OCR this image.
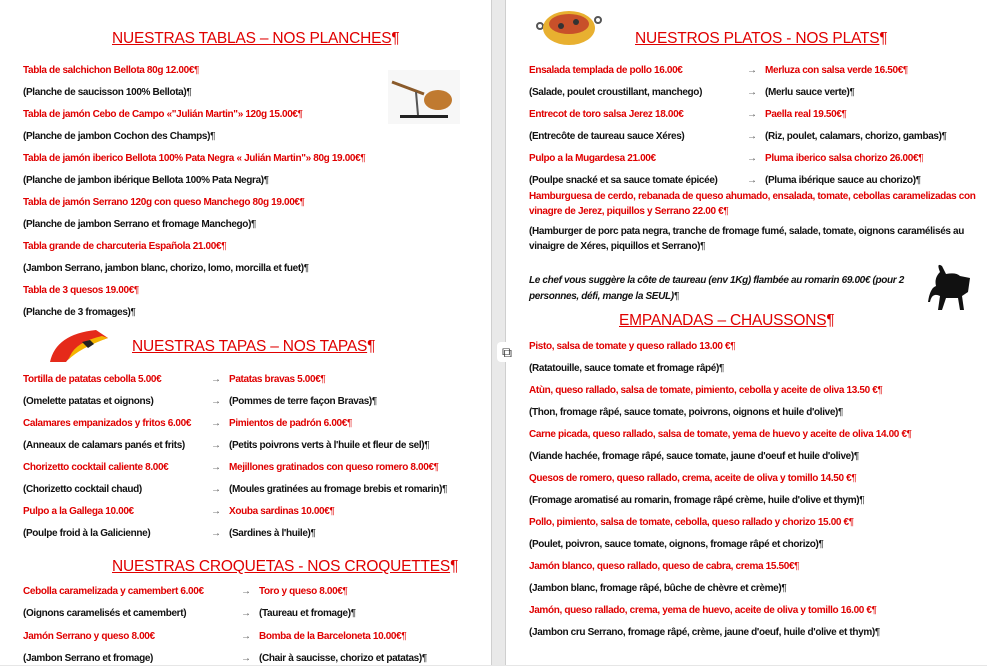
NUESTRAS TABLAS – NOS PLANCHES ¶
Tabla de salchichon Bellota 80g 12.00€ ¶
(Planche de saucisson 100% Bellota) ¶
Tabla de jamón Cebo de Campo «"Julián Martin"» 120g 15.00€ ¶
(Planche de jambon Cochon des Champs) ¶
Tabla de jamón iberico Bellota 100% Pata Negra « Julián Martin"» 80g 19.00€ ¶
(Planche de jambon ibérique Bellota 100% Pata Negra) ¶
Tabla de jamón Serrano 120g con queso Manchego 80g 19.00€ ¶
(Planche de jambon Serrano et fromage Manchego) ¶
Tabla grande de charcuteria Española 21.00€ ¶
(Jambon Serrano, jambon blanc, chorizo, lomo, morcilla et fuet) ¶
Tabla de 3 quesos 19.00€ ¶
(Planche de 3 fromages) ¶
NUESTRAS TAPAS – NOS TAPAS ¶
Tortilla de patatas cebolla 5.00€	→ Patatas bravas 5.00€ ¶
(Omelette patatas et oignons)	→ (Pommes de terre façon Bravas) ¶
Calamares empanizados y fritos 6.00€ → Pimientos de padrón 6.00€ ¶
(Anneaux de calamars panés et frits)	→ (Petits poivrons verts à l'huile et fleur de sel) ¶
Chorizetto cocktail caliente 8.00€	→ Mejillones gratinados con queso romero 8.00€ ¶
(Chorizetto cocktail chaud)	→ (Moules gratinées au fromage brebis et romarin) ¶
Pulpo a la Gallega 10.00€	→ Xouba sardinas 10.00€ ¶
(Poulpe froid à la Galicienne)	→ (Sardines à l'huile) ¶
NUESTRAS CROQUETAS - NOS CROQUETTES ¶
Cebolla caramelizada y camembert 6.00€	→ Toro y queso 8.00€ ¶
(Oignons caramelisés et camembert)	→ (Taureau et fromage) ¶
Jamón Serrano y queso 8.00€	→ Bomba de la Barceloneta 10.00€ ¶
(Jambon Serrano et fromage)	→ (Chair à saucisse, chorizo et patatas) ¶
NUESTROS PLATOS - NOS PLATS ¶
Ensalada templada de pollo 16.00€	→ Merluza con salsa verde 16.50€ ¶
(Salade, poulet croustillant, manchego)	→ (Merlu sauce verte) ¶
Entrecot de toro salsa Jerez 18.00€	→ Paella real 19.50€ ¶
(Entrecôte de taureau sauce Xéres)	→ (Riz, poulet, calamars, chorizo, gambas) ¶
Pulpo a la Mugardesa 21.00€	→ Pluma iberico salsa chorizo 26.00€ ¶
(Poulpe snacké et sa sauce tomate épicée)	→ (Pluma ibérique sauce au chorizo) ¶
Hamburguesa de cerdo, rebanada de queso ahumado, ensalada, tomate, cebollas caramelizadas con vinagre de Jerez, piquillos y Serrano 22.00 € ¶
(Hamburger de porc pata negra, tranche de fromage fumé, salade, tomate, oignons caramélisés au vinaigre de Xéres, piquillos et Serrano) ¶
Le chef vous suggère la côte de taureau (env 1Kg) flambée au romarin 69.00€ (pour 2 personnes, défi, mange la SEUL) ¶
EMPANADAS – CHAUSSONS ¶
Pisto, salsa de tomate y queso rallado 13.00 € ¶
(Ratatouille, sauce tomate et fromage râpé) ¶
Atùn, queso rallado, salsa de tomate, pimiento, cebolla y aceite de oliva 13.50 € ¶
(Thon, fromage râpé, sauce tomate, poivrons, oignons et huile d'olive) ¶
Carne picada, queso rallado, salsa de tomate, yema de huevo y aceite de oliva 14.00 € ¶
(Viande hachée, fromage râpé, sauce tomate, jaune d'oeuf et huile d'olive) ¶
Quesos de romero, queso rallado, crema, aceite de oliva y tomillo 14.50 € ¶
(Fromage aromatisé au romarin, fromage râpé crème, huile d'olive et thym) ¶
Pollo, pimiento, salsa de tomate, cebolla, queso rallado y chorizo 15.00 € ¶
(Poulet, poivron, sauce tomate, oignons, fromage râpé et chorizo) ¶
Jamón blanco, queso rallado, queso de cabra, crema 15.50€ ¶
(Jambon blanc, fromage râpé, bûche de chèvre et crème) ¶
Jamón, queso rallado, crema, yema de huevo, aceite de oliva y tomillo 16.00 € ¶
(Jambon cru Serrano, fromage râpé, crème, jaune d'oeuf, huile d'olive et thym) ¶
⧉
